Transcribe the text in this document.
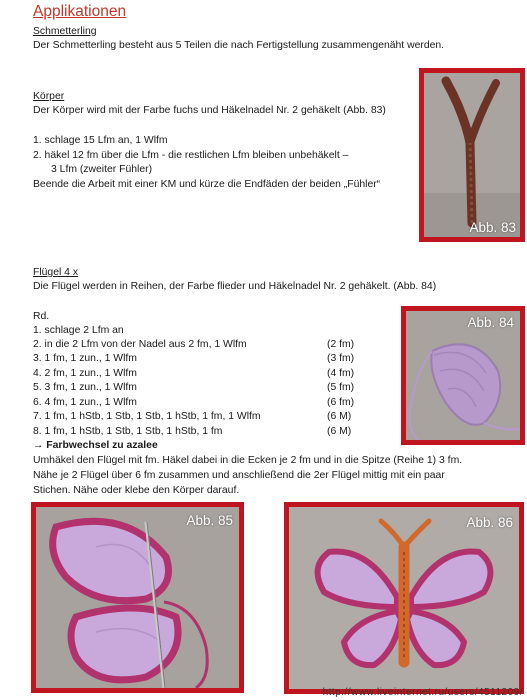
Applikationen
Schmetterling
Der Schmetterling besteht aus 5 Teilen die nach Fertigstellung zusammengenäht werden.
Körper
Der Körper wird mit der Farbe fuchs und Häkelnadel Nr. 2 gehäkelt (Abb. 83)
1. schlage 15 Lfm an, 1 Wlfm
2. häkel 12 fm über die Lfm - die restlichen Lfm bleiben unbehäkelt –
3 Lfm (zweiter Fühler)
Beende die Arbeit mit einer KM und kürze die Endfäden der beiden „Fühler“
Abb. 83
Flügel 4 x
Die Flügel werden in Reihen, der Farbe flieder und Häkelnadel Nr. 2 gehäkelt. (Abb. 84)
Rd.
1. schlage 2 Lfm an
2. in die 2 Lfm von der Nadel aus 2 fm, 1 Wlfm	(2 fm)
3. 1 fm, 1 zun., 1 Wlfm	(3 fm)
4. 2 fm, 1 zun., 1 Wlfm	(4 fm)
5. 3 fm, 1 zun., 1 Wlfm	(5 fm)
6. 4 fm, 1 zun., 1 Wlfm	(6 fm)
7. 1 fm, 1 hStb, 1 Stb, 1 Stb, 1 hStb, 1 fm, 1 Wlfm	(6 M)
8. 1 fm, 1 hStb, 1 Stb, 1 Stb, 1 hStb, 1 fm	(6 M)
→ Farbwechsel zu azalee
Umhäkel den Flügel mit fm. Häkel dabei in die Ecken je 2 fm und in die Spitze (Reihe 1) 3 fm.
Nähe je 2 Flügel über 6 fm zusammen und anschließend die 2er Flügel mittig mit ein paar
Stichen. Nähe oder klebe den Körper darauf.
Abb. 84
Abb. 85	Abb. 86
http://www.liveinternet.ru/users/4511209/
